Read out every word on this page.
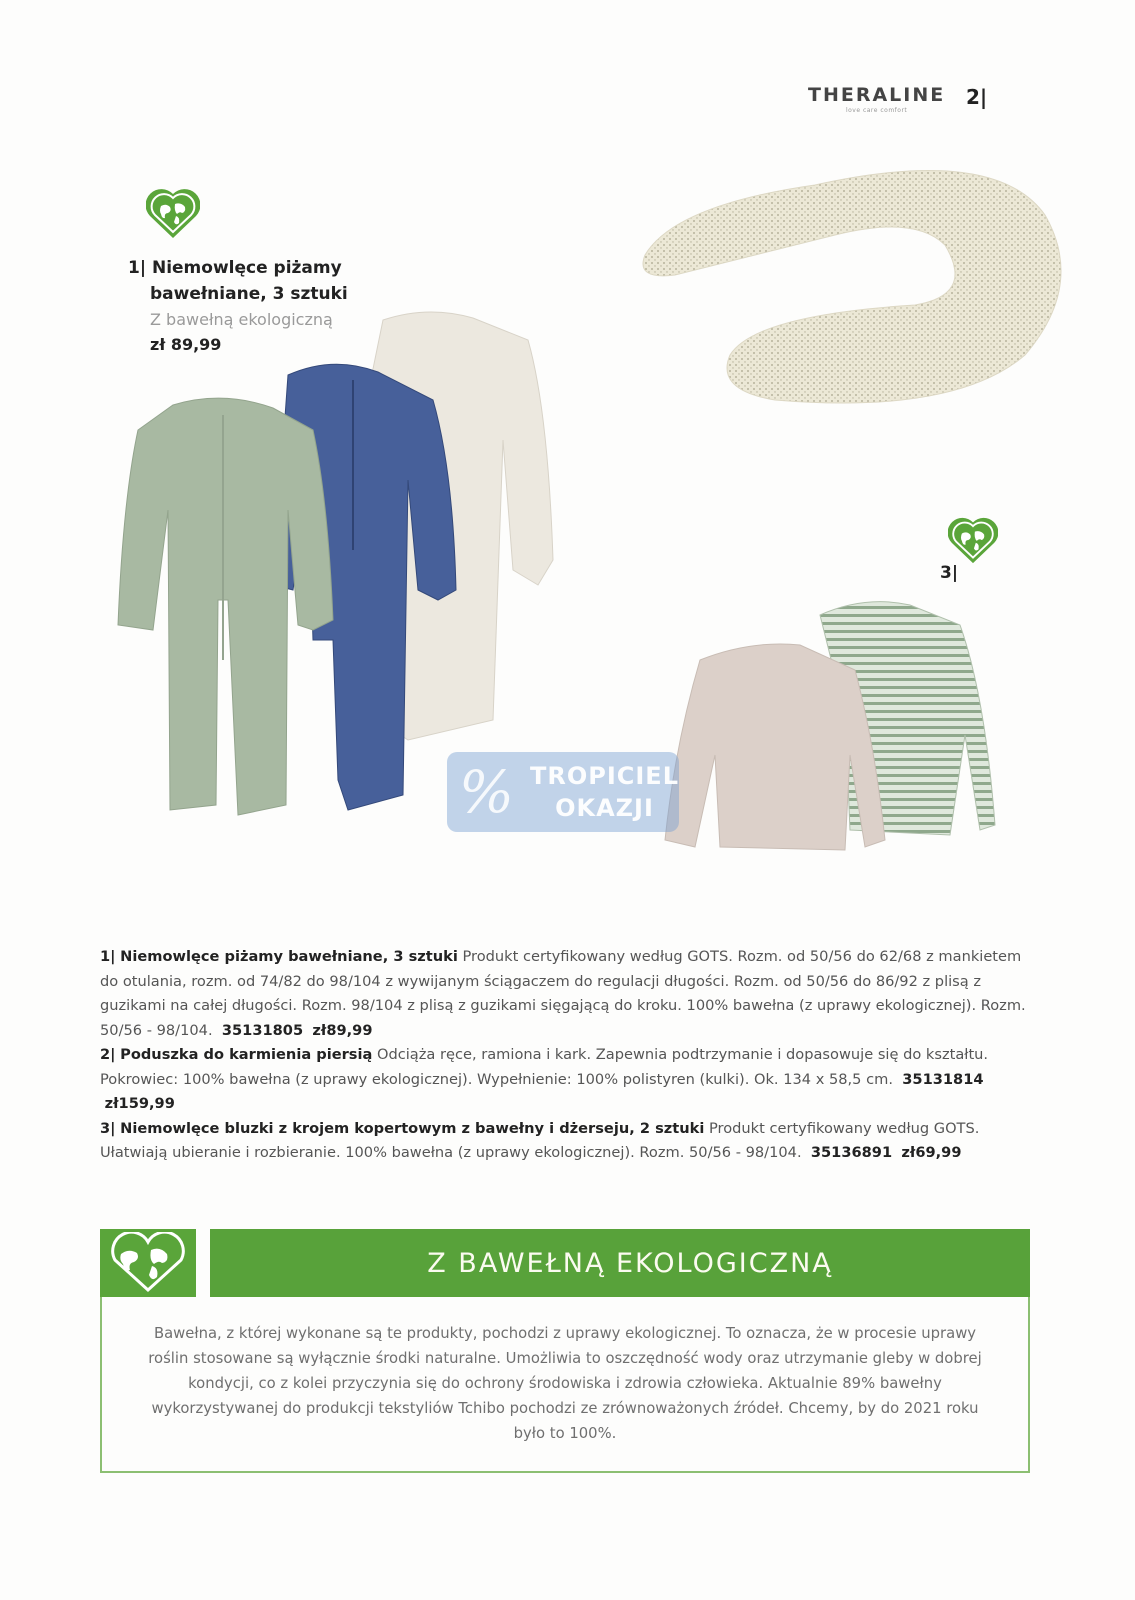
THERALINE
love care comfort
2|
1| Niemowlęce piżamy
bawełniane, 3 sztuki
Z bawełną ekologiczną
zł 89,99
3|
% TROPICIEL
OKAZJI

1| Niemowlęce piżamy bawełniane, 3 sztuki Produkt certyfikowany według GOTS. Rozm. od 50/56 do 62/68 z mankietem do otulania, rozm. od 74/82 do 98/104 z wywijanym ściągaczem do regulacji długości. Rozm. od 50/56 do 86/92 z plisą z guzikami na całej długości. Rozm. 98/104 z plisą z guzikami sięgającą do kroku. 100% bawełna (z uprawy ekologicznej). Rozm. 50/56 - 98/104. 35131805 zł89,99

2| Poduszka do karmienia piersią Odciąża ręce, ramiona i kark. Zapewnia podtrzymanie i dopasowuje się do kształtu. Pokrowiec: 100% bawełna (z uprawy ekologicznej). Wypełnienie: 100% polistyren (kulki). Ok. 134 x 58,5 cm. 35131814  zł159,99

3| Niemowlęce bluzki z krojem kopertowym z bawełny i dżerseju, 2 sztuki Produkt certyfikowany według GOTS. Ułatwiają ubieranie i rozbieranie. 100% bawełna (z uprawy ekologicznej). Rozm. 50/56 - 98/104. 35136891 zł69,99

Z BAWEŁNĄ EKOLOGICZNĄ
Bawełna, z której wykonane są te produkty, pochodzi z uprawy ekologicznej. To oznacza, że w procesie uprawy roślin stosowane są wyłącznie środki naturalne. Umożliwia to oszczędność wody oraz utrzymanie gleby w dobrej kondycji, co z kolei przyczynia się do ochrony środowiska i zdrowia człowieka. Aktualnie 89% bawełny wykorzystywanej do produkcji tekstyliów Tchibo pochodzi ze zrównoważonych źródeł. Chcemy, by do 2021 roku było to 100%.
